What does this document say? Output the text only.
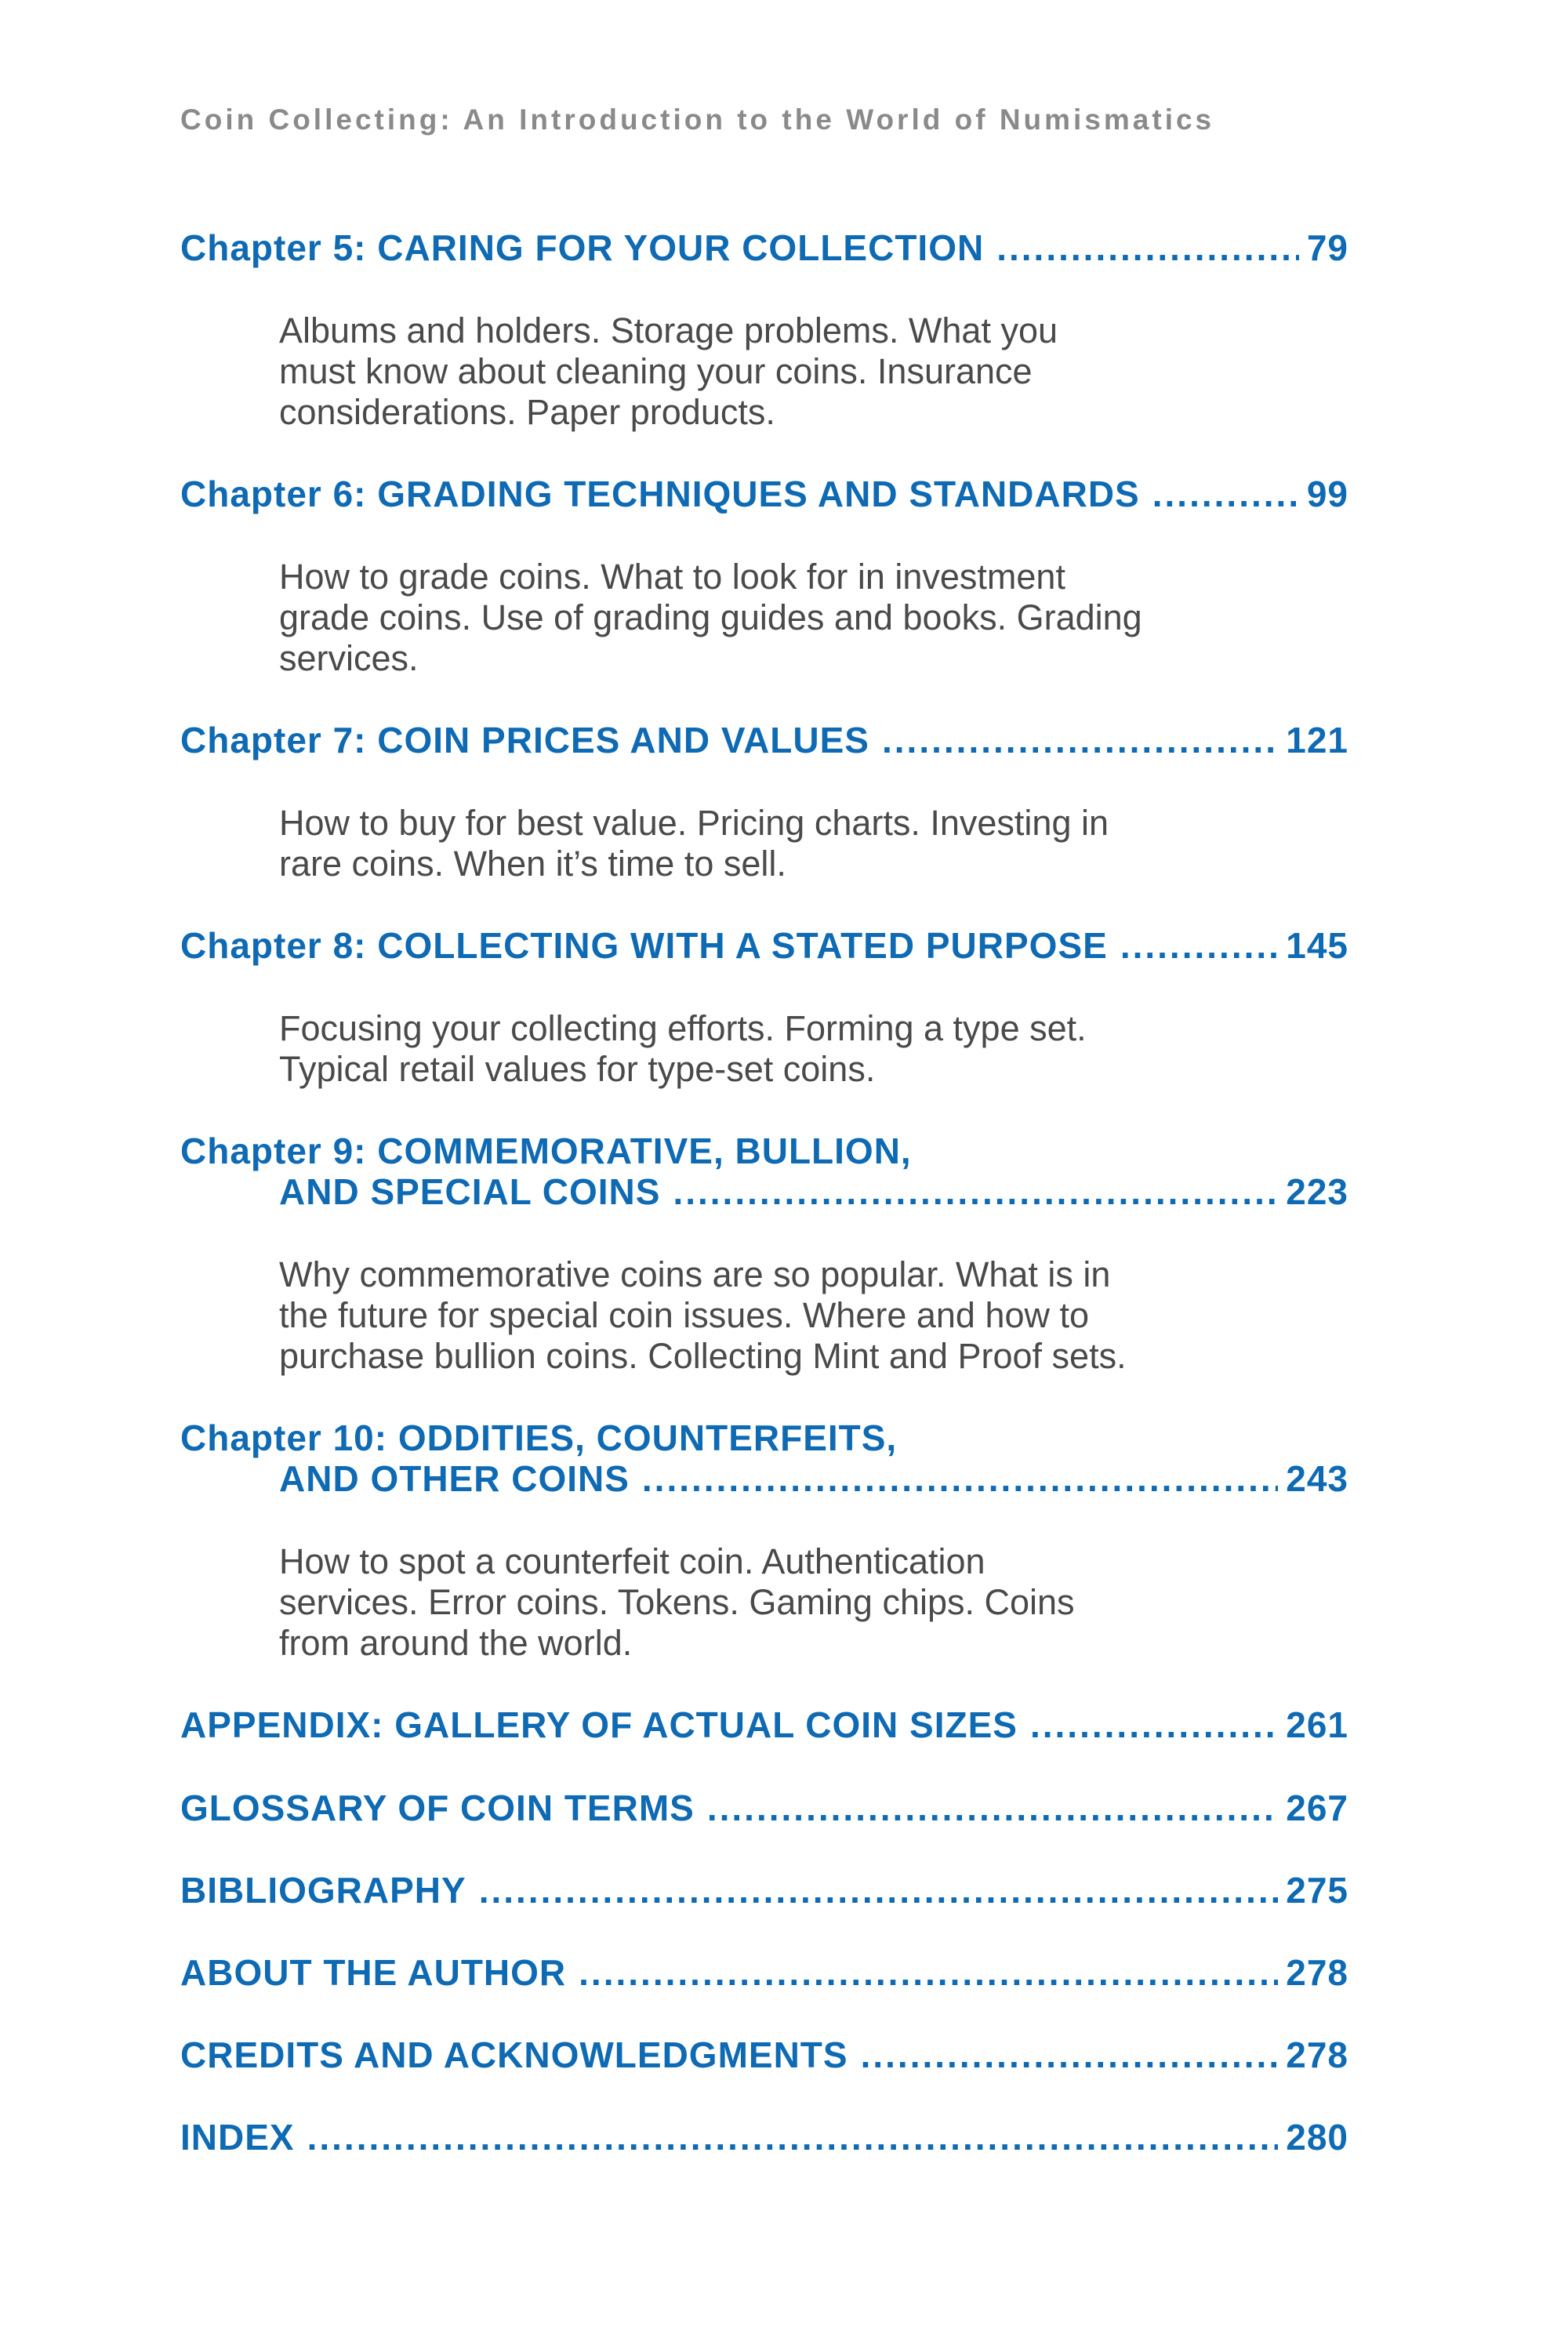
Coin Collecting: An Introduction to the World of Numismatics
Chapter 5: CARING FOR YOUR COLLECTION .....	79
Albums and holders. Storage problems. What you
must know about cleaning your coins. Insurance
considerations. Paper products.
Chapter 6: GRADING TECHNIQUES AND STANDARDS .....	99
How to grade coins. What to look for in investment
grade coins. Use of grading guides and books. Grading
services.
Chapter 7: COIN PRICES AND VALUES .....	121
How to buy for best value. Pricing charts. Investing in
rare coins. When it’s time to sell.
Chapter 8: COLLECTING WITH A STATED PURPOSE .....	145
Focusing your collecting efforts. Forming a type set.
Typical retail values for type-set coins.
Chapter 9: COMMEMORATIVE, BULLION,
AND SPECIAL COINS .....	223
Why commemorative coins are so popular. What is in
the future for special coin issues. Where and how to
purchase bullion coins. Collecting Mint and Proof sets.
Chapter 10: ODDITIES, COUNTERFEITS,
AND OTHER COINS .....	243
How to spot a counterfeit coin. Authentication
services. Error coins. Tokens. Gaming chips. Coins
from around the world.
APPENDIX: GALLERY OF ACTUAL COIN SIZES .....	261
GLOSSARY OF COIN TERMS .....	267
BIBLIOGRAPHY .....	275
ABOUT THE AUTHOR .....	278
CREDITS AND ACKNOWLEDGMENTS .....	278
INDEX .....	280
